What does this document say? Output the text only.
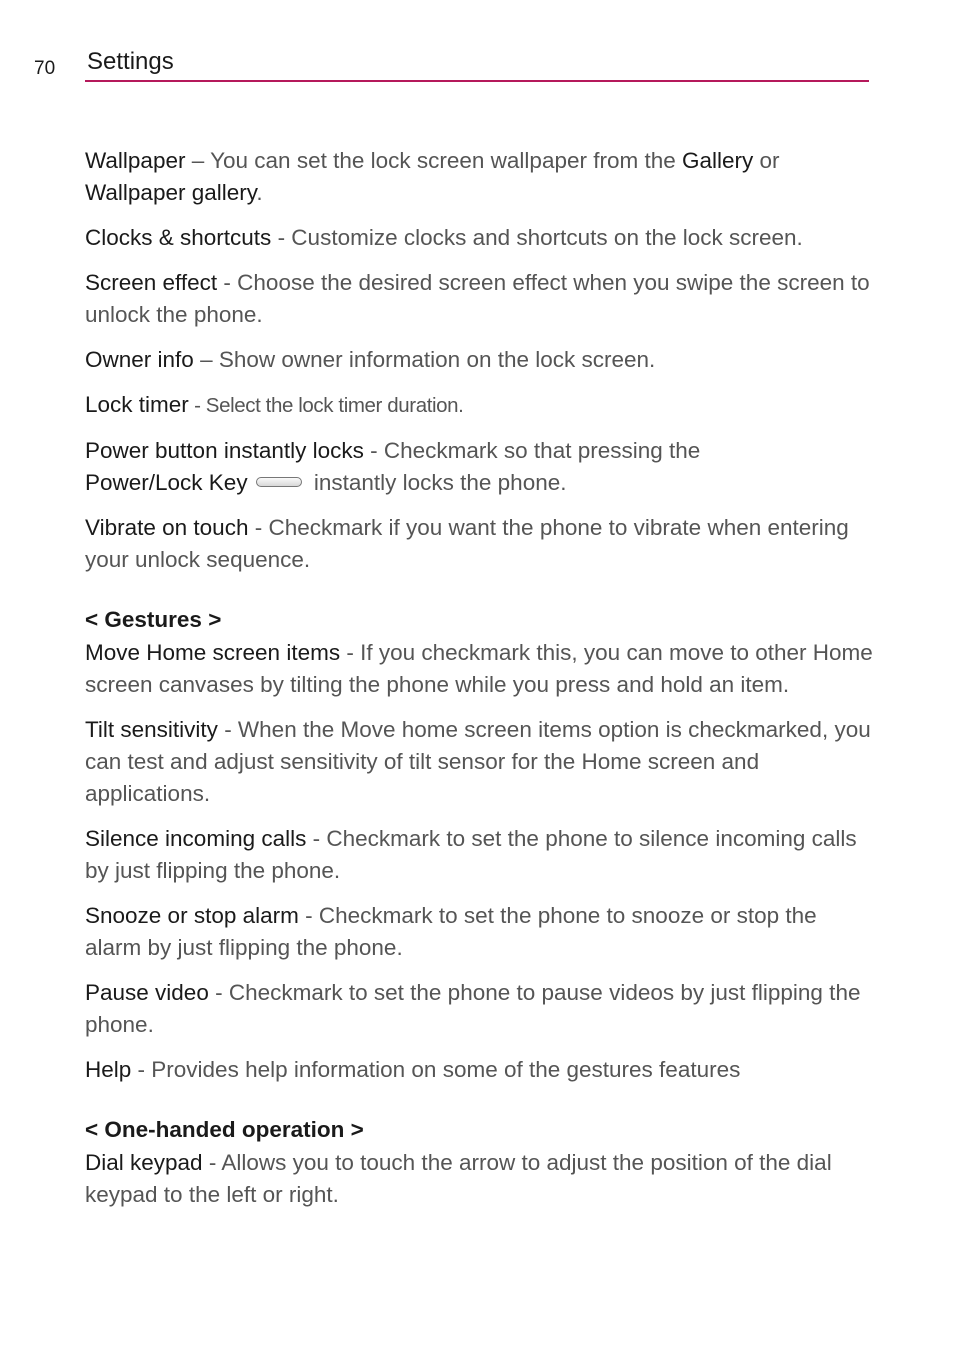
70 Settings

Wallpaper – You can set the lock screen wallpaper from the Gallery or Wallpaper gallery.

Clocks & shortcuts - Customize clocks and shortcuts on the lock screen.

Screen effect - Choose the desired screen effect when you swipe the screen to unlock the phone.

Owner info – Show owner information on the lock screen.

Lock timer - Select the lock timer duration.

Power button instantly locks - Checkmark so that pressing the
Power/Lock Key	instantly locks the phone.

Vibrate on touch - Checkmark if you want the phone to vibrate when entering your unlock sequence.

< Gestures >

Move Home screen items - If you checkmark this, you can move to other Home screen canvases by tilting the phone while you press and hold an item.

Tilt sensitivity - When the Move home screen items option is checkmarked, you can test and adjust sensitivity of tilt sensor for the Home screen and applications.

Silence incoming calls - Checkmark to set the phone to silence incoming calls by just flipping the phone.

Snooze or stop alarm - Checkmark to set the phone to snooze or stop the alarm by just flipping the phone.

Pause video - Checkmark to set the phone to pause videos by just flipping the phone.

Help - Provides help information on some of the gestures features

< One-handed operation >

Dial keypad - Allows you to touch the arrow to adjust the position of the dial keypad to the left or right.
